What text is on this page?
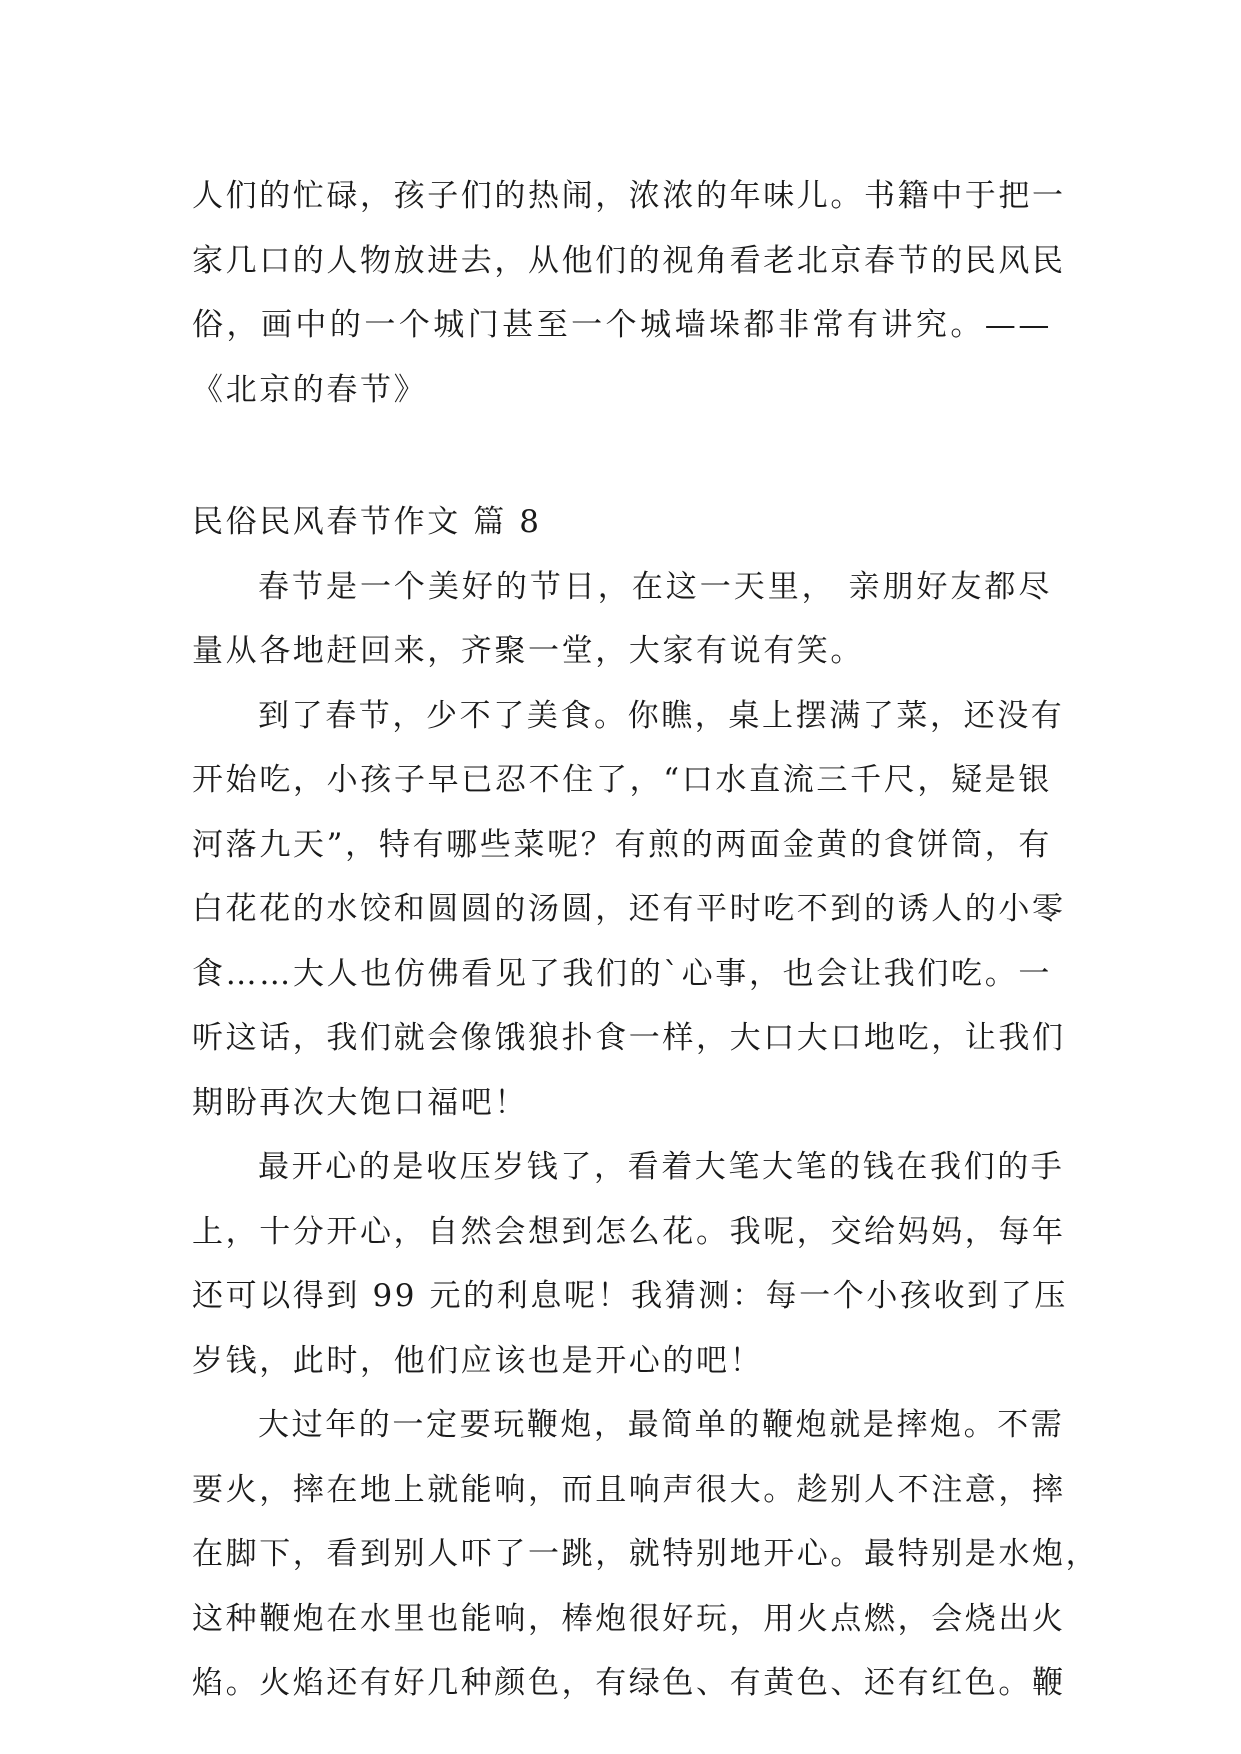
人们的忙碌，孩子们的热闹，浓浓的年味儿。书籍中于把一
家几口的人物放进去，从他们的视角看老北京春节的民风民
俗，画中的一个城门甚至一个城墙垛都非常有讲究。——
《北京的春节》

民俗民风春节作文 篇 8

春节是一个美好的节日，在这一天里， 亲朋好友都尽
量从各地赶回来，齐聚一堂，大家有说有笑。

到了春节，少不了美食。你瞧，桌上摆满了菜，还没有
开始吃，小孩子早已忍不住了，“口水直流三千尺，疑是银
河落九天”，特有哪些菜呢？有煎的两面金黄的食饼筒，有
白花花的水饺和圆圆的汤圆，还有平时吃不到的诱人的小零
食……大人也仿佛看见了我们的`心事，也会让我们吃。一
听这话，我们就会像饿狼扑食一样，大口大口地吃，让我们
期盼再次大饱口福吧！

最开心的是收压岁钱了，看着大笔大笔的钱在我们的手
上，十分开心，自然会想到怎么花。我呢，交给妈妈，每年
还可以得到 99 元的利息呢！我猜测：每一个小孩收到了压
岁钱，此时，他们应该也是开心的吧！

大过年的一定要玩鞭炮，最简单的鞭炮就是摔炮。不需
要火，摔在地上就能响，而且响声很大。趁别人不注意，摔
在脚下，看到别人吓了一跳，就特别地开心。最特别是水炮，
这种鞭炮在水里也能响，棒炮很好玩，用火点燃，会烧出火
焰。火焰还有好几种颜色，有绿色、有黄色、还有红色。鞭
